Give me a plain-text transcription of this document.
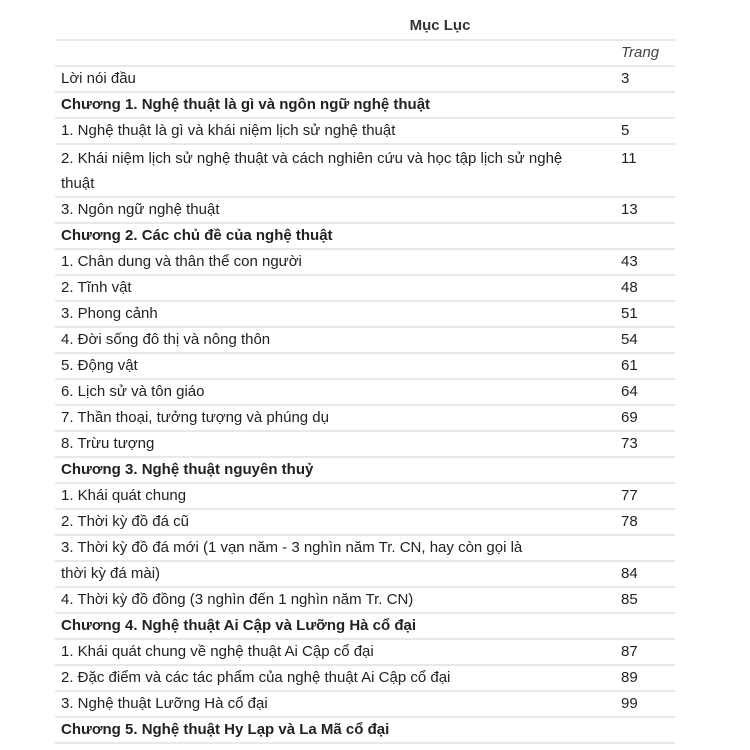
Mục Lục
	Trang
Lời nói đầu	3
Chương 1. Nghệ thuật là gì và ngôn ngữ nghệ thuật	
1. Nghệ thuật là gì và khái niệm lịch sử nghệ thuật	5
2. Khái niệm lịch sử nghệ thuật và cách nghiên cứu và học tập lịch sử nghệ thuật	11
3. Ngôn ngữ nghệ thuật	13
Chương 2. Các chủ đề của nghệ thuật	
1. Chân dung và thân thể con người	43
2. Tĩnh vật	48
3. Phong cảnh	51
4. Đời sống đô thị và nông thôn	54
5. Động vật	61
6. Lịch sử và tôn giáo	64
7. Thần thoại, tưởng tượng và phúng dụ	69
8. Trừu tượng	73
Chương 3. Nghệ thuật nguyên thuỷ	
1. Khái quát chung	77
2. Thời kỳ đồ đá cũ	78
3. Thời kỳ đồ đá mới (1 vạn năm - 3 nghìn năm Tr. CN, hay còn gọi là	
thời kỳ đá mài)	84
4. Thời kỳ đồ đồng (3 nghìn đến 1 nghìn năm Tr. CN)	85
Chương 4. Nghệ thuật Ai Cập và Lưỡng Hà cổ đại	
1. Khái quát chung về nghệ thuật Ai Cập cổ đại	87
2. Đặc điểm và các tác phẩm của nghệ thuật Ai Cập cổ đại	89
3. Nghệ thuật Lưỡng Hà cổ đại	99
Chương 5. Nghệ thuật Hy Lạp và La Mã cổ đại	
